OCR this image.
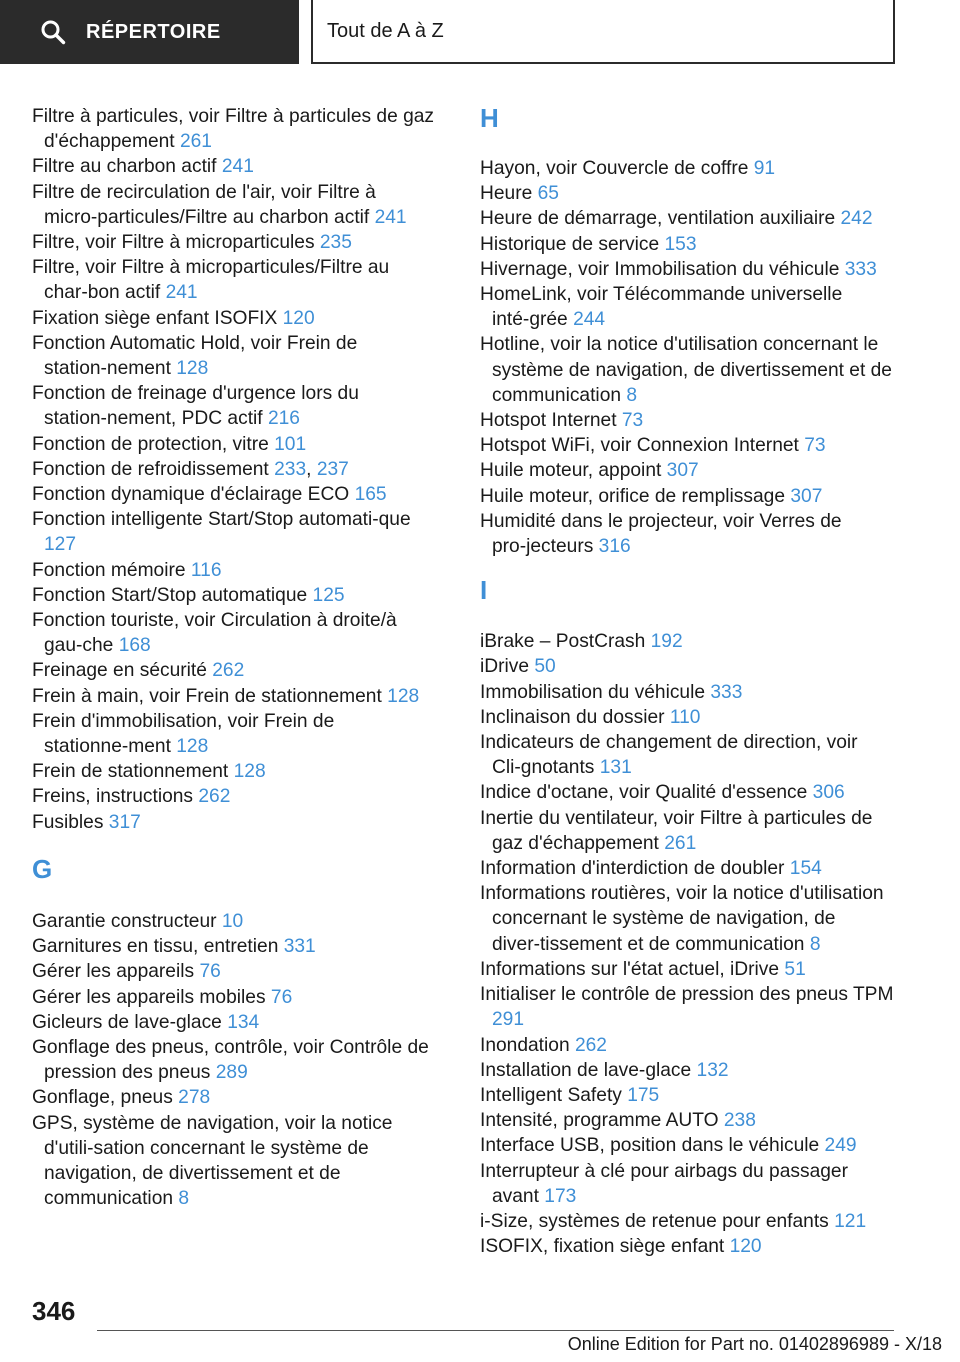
RÉPERTOIRE	Tout de A à Z
Filtre à particules, voir Filtre à particules de gaz d'échappement 261
Filtre au charbon actif 241
Filtre de recirculation de l'air, voir Filtre à micro‑particules/Filtre au charbon actif 241
Filtre, voir Filtre à microparticules 235
Filtre, voir Filtre à microparticules/Filtre au char‑bon actif 241
Fixation siège enfant ISOFIX 120
Fonction Automatic Hold, voir Frein de station‑nement 128
Fonction de freinage d'urgence lors du station‑nement, PDC actif 216
Fonction de protection, vitre 101
Fonction de refroidissement 233, 237
Fonction dynamique d'éclairage ECO 165
Fonction intelligente Start/Stop automati‑que 127
Fonction mémoire 116
Fonction Start/Stop automatique 125
Fonction touriste, voir Circulation à droite/à gau‑che 168
Freinage en sécurité 262
Frein à main, voir Frein de stationnement 128
Frein d'immobilisation, voir Frein de stationne‑ment 128
Frein de stationnement 128
Freins, instructions 262
Fusibles 317
G
Garantie constructeur 10
Garnitures en tissu, entretien 331
Gérer les appareils 76
Gérer les appareils mobiles 76
Gicleurs de lave‑glace 134
Gonflage des pneus, contrôle, voir Contrôle de pression des pneus 289
Gonflage, pneus 278
GPS, système de navigation, voir la notice d'utili‑sation concernant le système de navigation, de divertissement et de communication 8
H
Hayon, voir Couvercle de coffre 91
Heure 65
Heure de démarrage, ventilation auxiliaire 242
Historique de service 153
Hivernage, voir Immobilisation du véhicule 333
HomeLink, voir Télécommande universelle inté‑grée 244
Hotline, voir la notice d'utilisation concernant le système de navigation, de divertissement et de communication 8
Hotspot Internet 73
Hotspot WiFi, voir Connexion Internet 73
Huile moteur, appoint 307
Huile moteur, orifice de remplissage 307
Humidité dans le projecteur, voir Verres de pro‑jecteurs 316
I
iBrake – PostCrash 192
iDrive 50
Immobilisation du véhicule 333
Inclinaison du dossier 110
Indicateurs de changement de direction, voir Cli‑gnotants 131
Indice d'octane, voir Qualité d'essence 306
Inertie du ventilateur, voir Filtre à particules de gaz d'échappement 261
Information d'interdiction de doubler 154
Informations routières, voir la notice d'utilisation concernant le système de navigation, de diver‑tissement et de communication 8
Informations sur l'état actuel, iDrive 51
Initialiser le contrôle de pression des pneus TPM 291
Inondation 262
Installation de lave‑glace 132
Intelligent Safety 175
Intensité, programme AUTO 238
Interface USB, position dans le véhicule 249
Interrupteur à clé pour airbags du passager avant 173
i‑Size, systèmes de retenue pour enfants 121
ISOFIX, fixation siège enfant 120
346
Online Edition for Part no. 01402896989 - X/18
